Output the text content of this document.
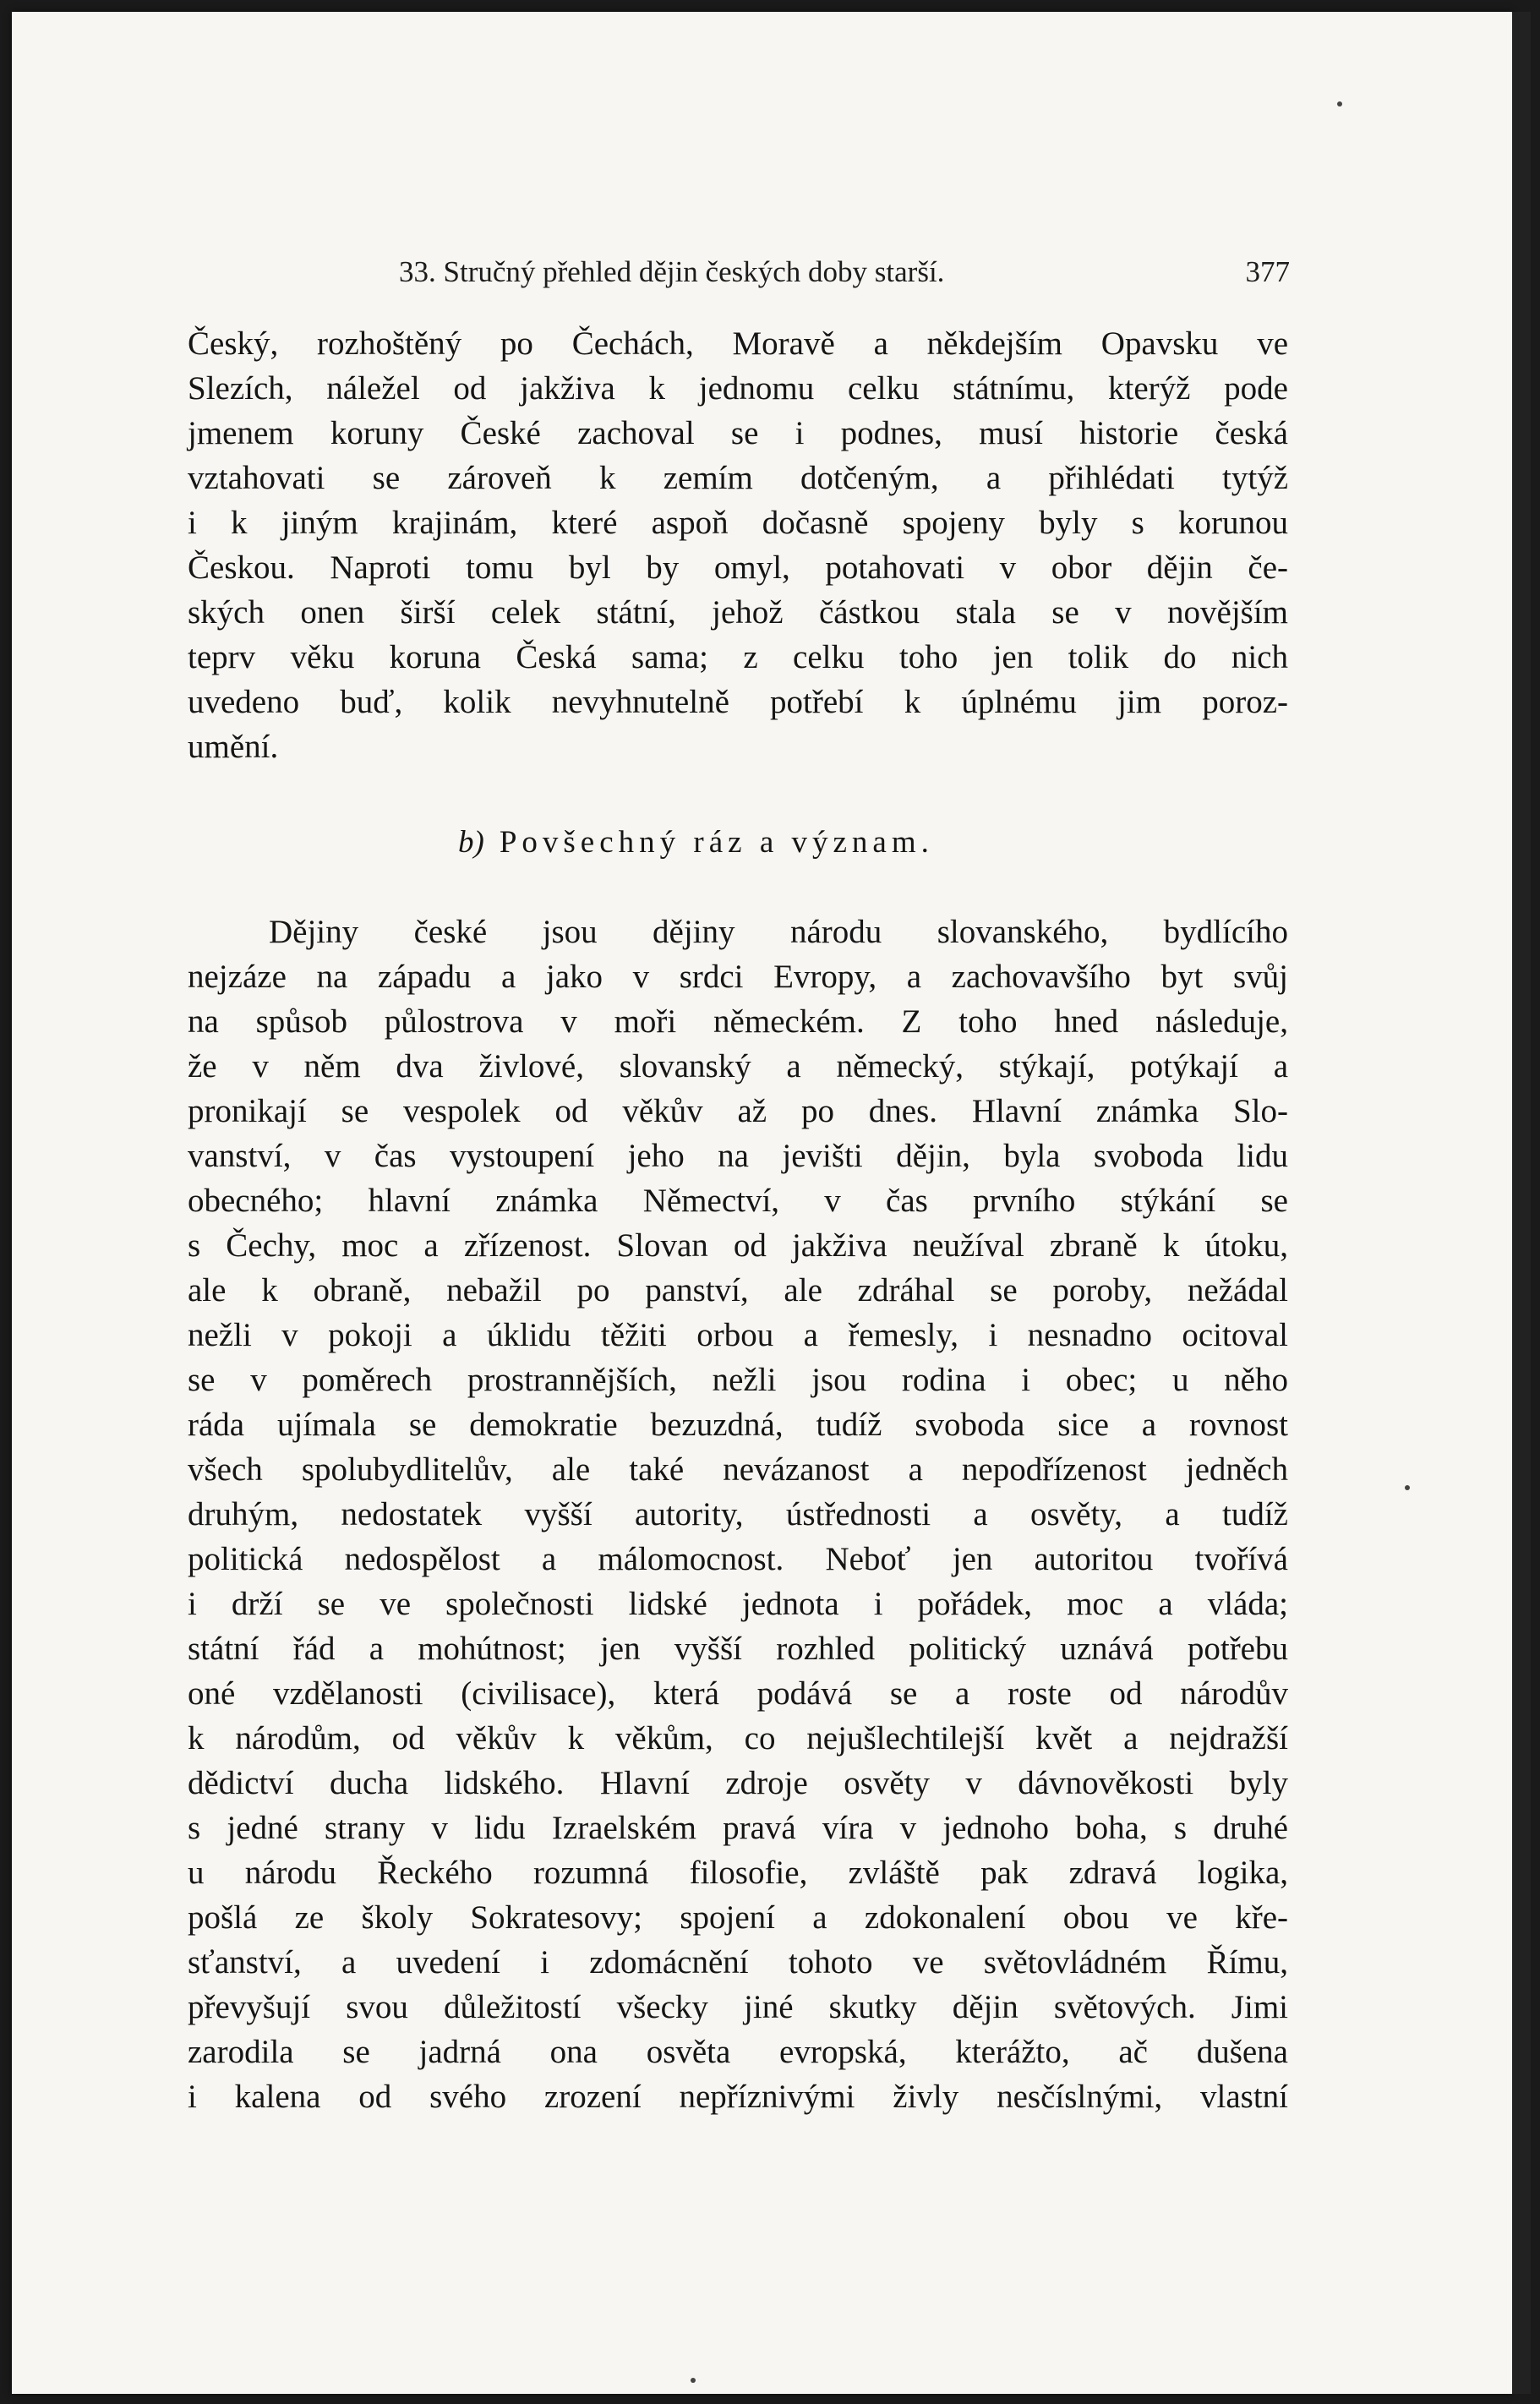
33. Stručný přehled dějin českých doby starší.	377
Český, rozhoštěný po Čechách, Moravě a někdejším Opavsku ve
Slezích, náležel od jakživa k jednomu celku státnímu, kterýž pode
jmenem koruny České zachoval se i podnes, musí historie česká
vztahovati se zároveň k zemím dotčeným, a přihlédati tytýž
i k jiným krajinám, které aspoň dočasně spojeny byly s korunou
Českou. Naproti tomu byl by omyl, potahovati v obor dějin če-
ských onen širší celek státní, jehož částkou stala se v novějším
teprv věku koruna Česká sama; z celku toho jen tolik do nich
uvedeno buď, kolik nevyhnutelně potřebí k úplnému jim poroz-
umění.
b) Povšechný ráz a význam.
Dějiny české jsou dějiny národu slovanského, bydlícího
nejzáze na západu a jako v srdci Evropy, a zachovavšího byt svůj
na spůsob půlostrova v moři německém. Z toho hned následuje,
že v něm dva živlové, slovanský a německý, stýkají, potýkají a
pronikají se vespolek od věkův až po dnes. Hlavní známka Slo-
vanství, v čas vystoupení jeho na jevišti dějin, byla svoboda lidu
obecného; hlavní známka Němectví, v čas prvního stýkání se
s Čechy, moc a zřízenost. Slovan od jakživa neužíval zbraně k útoku,
ale k obraně, nebažil po panství, ale zdráhal se poroby, nežádal
nežli v pokoji a úklidu těžiti orbou a řemesly, i nesnadno ocitoval
se v poměrech prostrannějších, nežli jsou rodina i obec; u něho
ráda ujímala se demokratie bezuzdná, tudíž svoboda sice a rovnost
všech spolubydlitelův, ale také nevázanost a nepodřízenost jedněch
druhým, nedostatek vyšší autority, ústřednosti a osvěty, a tudíž
politická nedospělost a málomocnost. Neboť jen autoritou tvořívá
i drží se ve společnosti lidské jednota i pořádek, moc a vláda;
státní řád a mohútnost; jen vyšší rozhled politický uznává potřebu
oné vzdělanosti (civilisace), která podává se a roste od národův
k národům, od věkův k věkům, co nejušlechtilejší květ a nejdražší
dědictví ducha lidského. Hlavní zdroje osvěty v dávnověkosti byly
s jedné strany v lidu Izraelském pravá víra v jednoho boha, s druhé
u národu Řeckého rozumná filosofie, zvláště pak zdravá logika,
pošlá ze školy Sokratesovy; spojení a zdokonalení obou ve kře-
sťanství, a uvedení i zdomácnění tohoto ve světovládném Římu,
převyšují svou důležitostí všecky jiné skutky dějin světových. Jimi
zarodila se jadrná ona osvěta evropská, kterážto, ač dušena
i kalena od svého zrození nepříznivými živly nesčíslnými, vlastní
